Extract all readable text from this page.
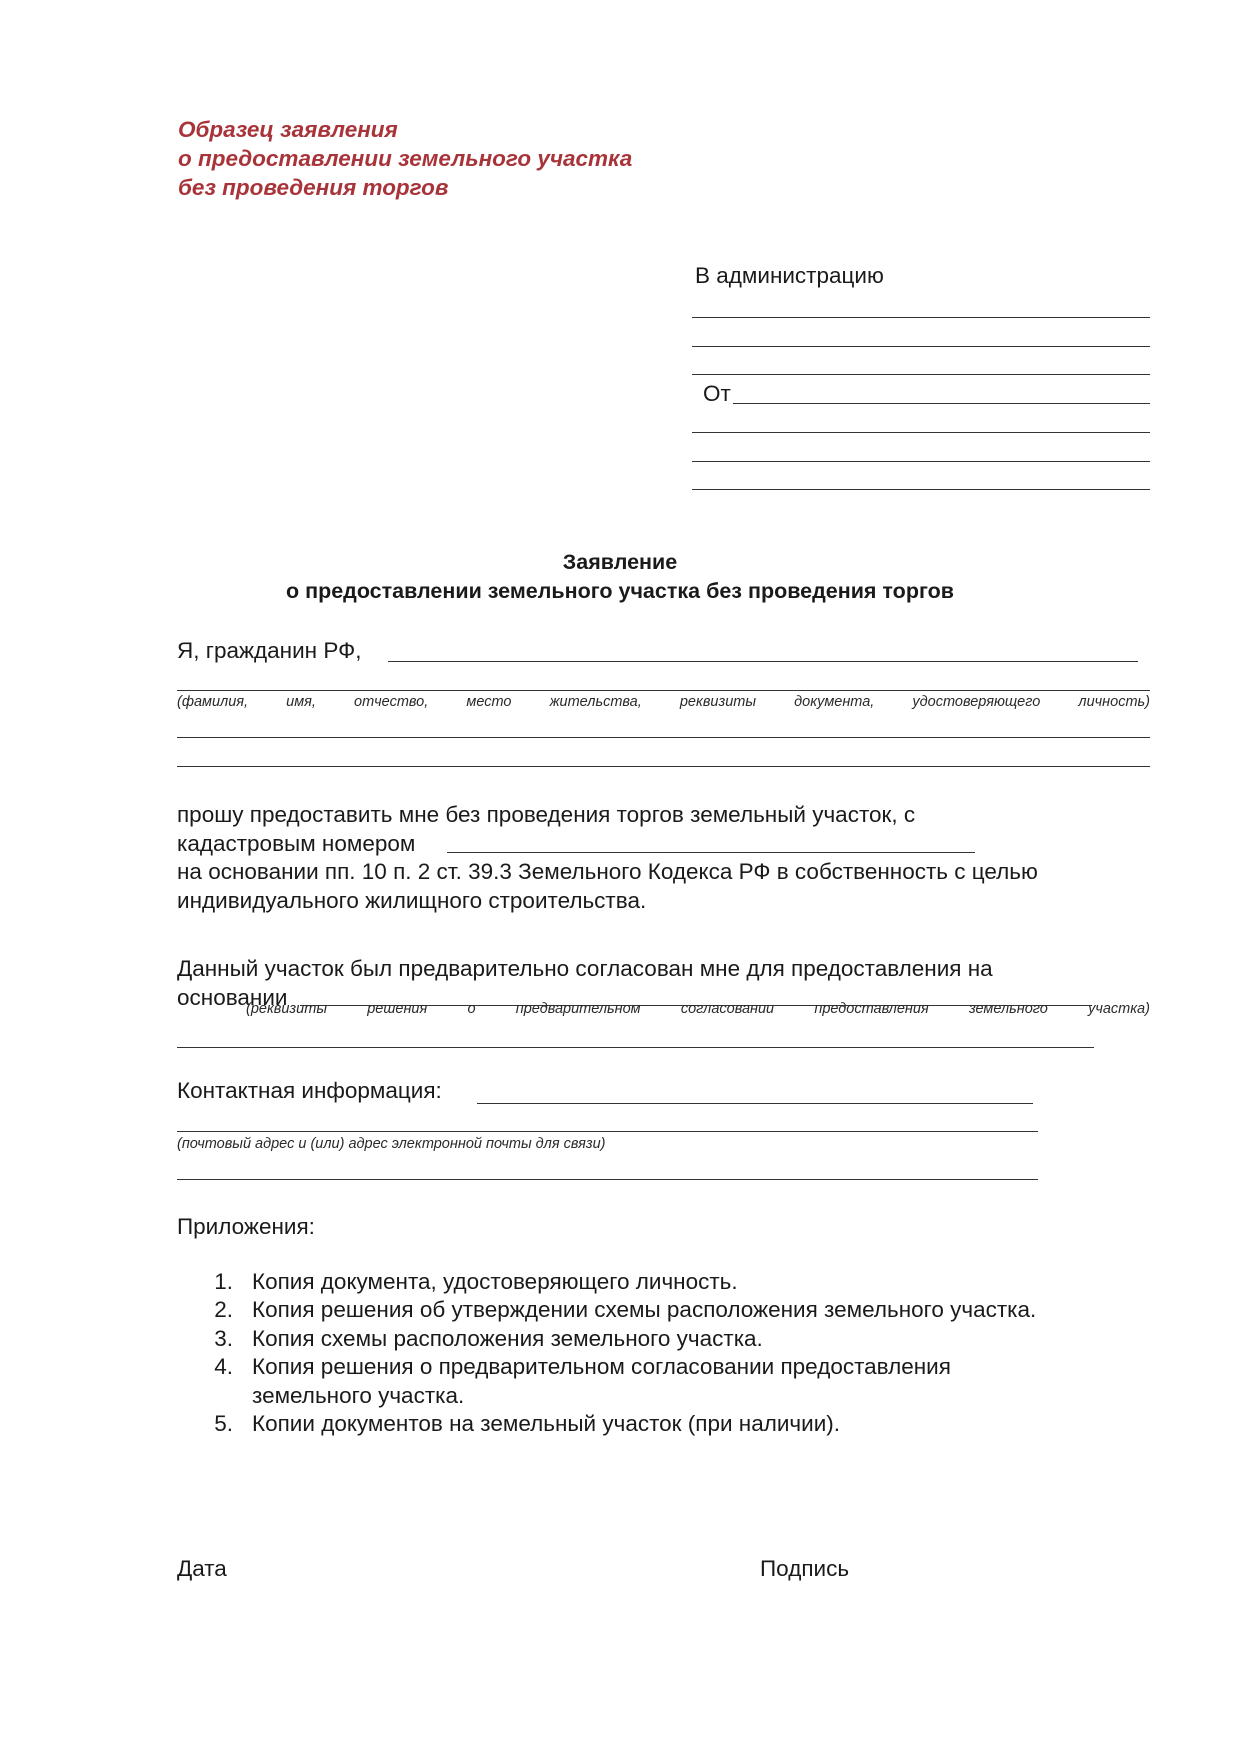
Образец заявления
о предоставлении земельного участка
без проведения торгов
В администрацию
От
Заявление
о предоставлении земельного участка без проведения торгов
Я, гражданин РФ,
(фамилия,	имя,	отчество,	место	жительства,	реквизиты	документа,	удостоверяющего	личность)
прошу предоставить мне без проведения торгов земельный участок, с
кадастровым номером
на основании пп. 10 п. 2 ст. 39.3 Земельного Кодекса РФ в собственность с целью
индивидуального жилищного строительства.
Данный участок был предварительно согласован мне для предоставления на
основании
(реквизиты	решения	о	предварительном	согласовании	предоставления	земельного	участка)
Контактная информация:
(почтовый адрес и (или) адрес электронной почты для связи)
Приложения:
1. Копия документа, удостоверяющего личность.
2. Копия решения об утверждении схемы расположения земельного участка.
3. Копия схемы расположения земельного участка.
4. Копия решения о предварительном согласовании предоставления
земельного участка.
5. Копии документов на земельный участок (при наличии).
Дата	Подпись
